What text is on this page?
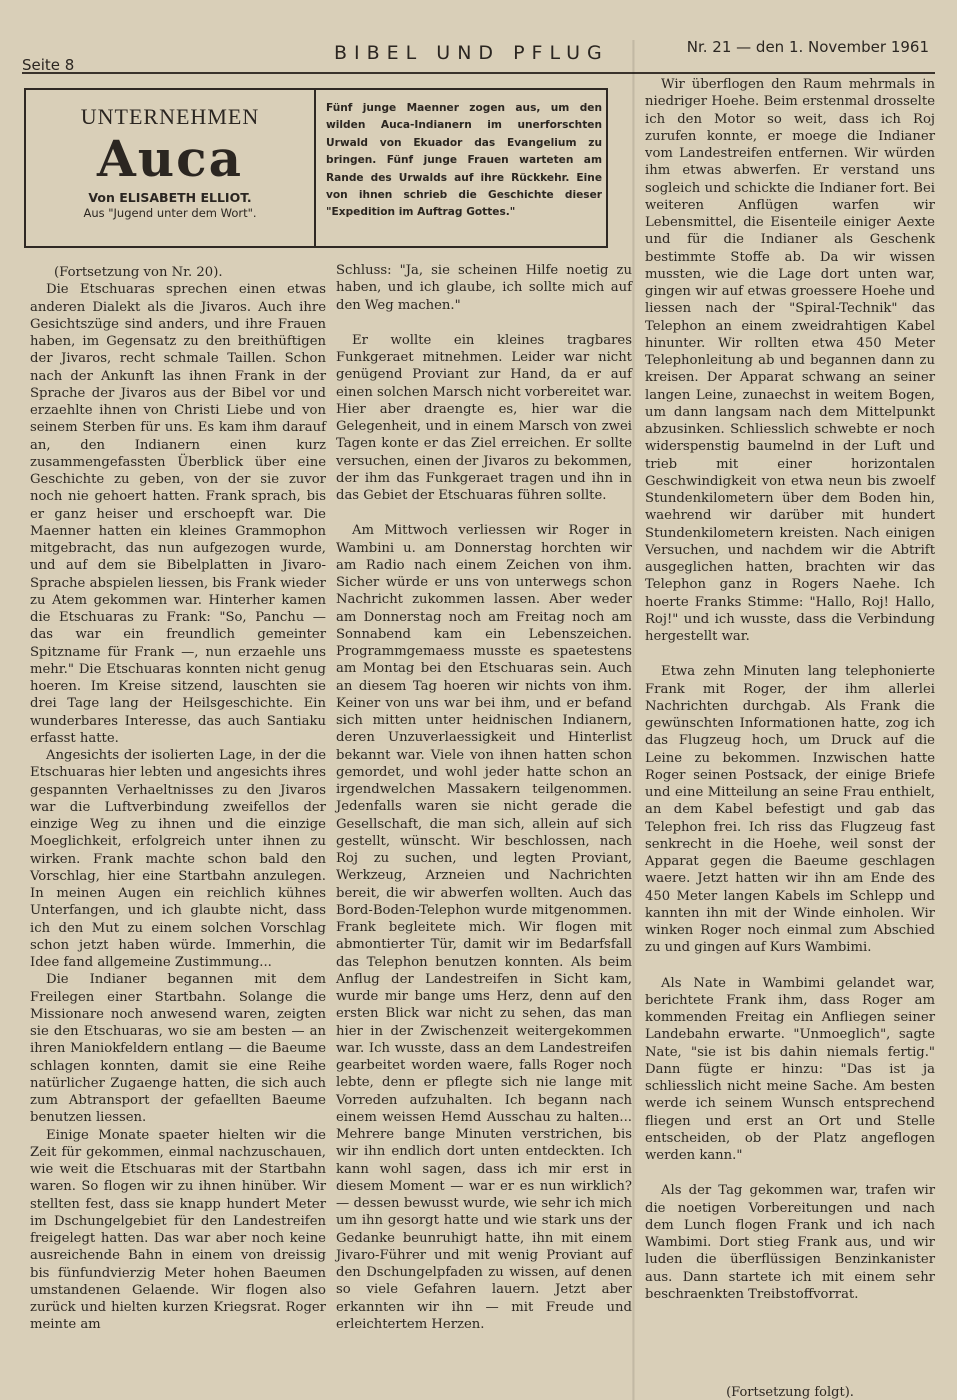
Seite 8
BIBEL UND PFLUG	Nr. 21 — den 1. November 1961
UNTERNEHMEN
Auca
Von ELISABETH ELLIOT.
Aus "Jugend unter dem Wort".
Fünf junge Maenner zogen aus, um den wilden Auca-Indianern im unerforschten Urwald von Ekuador das Evangelium zu bringen. Fünf junge Frauen warteten am Rande des Urwalds auf ihre Rückkehr. Eine von ihnen schrieb die Geschichte dieser "Expedition im Auftrag Gottes."

(Fortsetzung von Nr. 20).

Die Etschuaras sprechen einen etwas anderen Dialekt als die Jivaros. Auch ihre Gesichtszüge sind anders, und ihre Frauen haben, im Gegensatz zu den breithüftigen der Jivaros, recht schmale Taillen. Schon nach der Ankunft las ihnen Frank in der Sprache der Jivaros aus der Bibel vor und erzaehlte ihnen von Christi Liebe und von seinem Sterben für uns. Es kam ihm darauf an, den Indianern einen kurz zusammengefassten Überblick über eine Geschichte zu geben, von der sie zuvor noch nie gehoert hatten. Frank sprach, bis er ganz heiser und erschoepft war. Die Maenner hatten ein kleines Grammophon mitgebracht, das nun aufgezogen wurde, und auf dem sie Bibelplatten in Jivaro-Sprache abspielen liessen, bis Frank wieder zu Atem gekommen war. Hinterher kamen die Etschuaras zu Frank: "So, Panchu — das war ein freundlich gemeinter Spitzname für Frank —, nun erzaehle uns mehr." Die Etschuaras konnten nicht genug hoeren. Im Kreise sitzend, lauschten sie drei Tage lang der Heilsgeschichte. Ein wunderbares Interesse, das auch Santiaku erfasst hatte.

Angesichts der isolierten Lage, in der die Etschuaras hier lebten und angesichts ihres gespannten Verhaeltnisses zu den Jivaros war die Luftverbindung zweifellos der einzige Weg zu ihnen und die einzige Moeglichkeit, erfolgreich unter ihnen zu wirken. Frank machte schon bald den Vorschlag, hier eine Startbahn anzulegen. In meinen Augen ein reichlich kühnes Unterfangen, und ich glaubte nicht, dass ich den Mut zu einem solchen Vorschlag schon jetzt haben würde. Immerhin, die Idee fand allgemeine Zustimmung...

Die Indianer begannen mit dem Freilegen einer Startbahn. Solange die Missionare noch anwesend waren, zeigten sie den Etschuaras, wo sie am besten — an ihren Maniokfeldern entlang — die Baeume schlagen konnten, damit sie eine Reihe natürlicher Zugaenge hatten, die sich auch zum Abtransport der gefaellten Baeume benutzen liessen.

Einige Monate spaeter hielten wir die Zeit für gekommen, einmal nachzuschauen, wie weit die Etschuaras mit der Startbahn waren. So flogen wir zu ihnen hinüber. Wir stellten fest, dass sie knapp hundert Meter im Dschungelgebiet für den Landestreifen freigelegt hatten. Das war aber noch keine ausreichende Bahn in einem von dreissig bis fünfundvierzig Meter hohen Baeumen umstandenen Gelaende. Wir flogen also zurück und hielten kurzen Kriegsrat. Roger meinte am

Schluss: "Ja, sie scheinen Hilfe noetig zu haben, und ich glaube, ich sollte mich auf den Weg machen."

Er wollte ein kleines tragbares Funkgeraet mitnehmen. Leider war nicht genügend Proviant zur Hand, da er auf einen solchen Marsch nicht vorbereitet war. Hier aber draengte es, hier war die Gelegenheit, und in einem Marsch von zwei Tagen konte er das Ziel erreichen. Er sollte versuchen, einen der Jivaros zu bekommen, der ihm das Funkgeraet tragen und ihn in das Gebiet der Etschuaras führen sollte.

Am Mittwoch verliessen wir Roger in Wambini u. am Donnerstag horchten wir am Radio nach einem Zeichen von ihm. Sicher würde er uns von unterwegs schon Nachricht zukommen lassen. Aber weder am Donnerstag noch am Freitag noch am Sonnabend kam ein Lebenszeichen. Programmgemaess musste es spaetestens am Montag bei den Etschuaras sein. Auch an diesem Tag hoeren wir nichts von ihm. Keiner von uns war bei ihm, und er befand sich mitten unter heidnischen Indianern, deren Unzuverlaessigkeit und Hinterlist bekannt war. Viele von ihnen hatten schon gemordet, und wohl jeder hatte schon an irgendwelchen Massakern teilgenommen. Jedenfalls waren sie nicht gerade die Gesellschaft, die man sich, allein auf sich gestellt, wünscht. Wir beschlossen, nach Roj zu suchen, und legten Proviant, Werkzeug, Arzneien und Nachrichten bereit, die wir abwerfen wollten. Auch das Bord-Boden-Telephon wurde mitgenommen. Frank begleitete mich. Wir flogen mit abmontierter Tür, damit wir im Bedarfsfall das Telephon benutzen konnten. Als beim Anflug der Landestreifen in Sicht kam, wurde mir bange ums Herz, denn auf den ersten Blick war nicht zu sehen, das man hier in der Zwischenzeit weitergekommen war. Ich wusste, dass an dem Landestreifen gearbeitet worden waere, falls Roger noch lebte, denn er pflegte sich nie lange mit Vorreden aufzuhalten. Ich begann nach einem weissen Hemd Ausschau zu halten... Mehrere bange Minuten verstrichen, bis wir ihn endlich dort unten entdeckten. Ich kann wohl sagen, dass ich mir erst in diesem Moment — war er es nun wirklich? — dessen bewusst wurde, wie sehr ich mich um ihn gesorgt hatte und wie stark uns der Gedanke beunruhigt hatte, ihn mit einem Jivaro-Führer und mit wenig Proviant auf den Dschungelpfaden zu wissen, auf denen so viele Gefahren lauern. Jetzt aber erkannten wir ihn — mit Freude und erleichtertem Herzen.

Wir überflogen den Raum mehrmals in niedriger Hoehe. Beim erstenmal drosselte ich den Motor so weit, dass ich Roj zurufen konnte, er moege die Indianer vom Landestreifen entfernen. Wir würden ihm etwas abwerfen. Er verstand uns sogleich und schickte die Indianer fort. Bei weiteren Anflügen warfen wir Lebensmittel, die Eisenteile einiger Aexte und für die Indianer als Geschenk bestimmte Stoffe ab. Da wir wissen mussten, wie die Lage dort unten war, gingen wir auf etwas groessere Hoehe und liessen nach der "Spiral-Technik" das Telephon an einem zweidrahtigen Kabel hinunter. Wir rollten etwa 450 Meter Telephonleitung ab und begannen dann zu kreisen. Der Apparat schwang an seiner langen Leine, zunaechst in weitem Bogen, um dann langsam nach dem Mittelpunkt abzusinken. Schliesslich schwebte er noch widerspenstig baumelnd in der Luft und trieb mit einer horizontalen Geschwindigkeit von etwa neun bis zwoelf Stundenkilometern über dem Boden hin, waehrend wir darüber mit hundert Stundenkilometern kreisten. Nach einigen Versuchen, und nachdem wir die Abtrift ausgeglichen hatten, brachten wir das Telephon ganz in Rogers Naehe. Ich hoerte Franks Stimme: "Hallo, Roj! Hallo, Roj!" und ich wusste, dass die Verbindung hergestellt war.

Etwa zehn Minuten lang telephonierte Frank mit Roger, der ihm allerlei Nachrichten durchgab. Als Frank die gewünschten Informationen hatte, zog ich das Flugzeug hoch, um Druck auf die Leine zu bekommen. Inzwischen hatte Roger seinen Postsack, der einige Briefe und eine Mitteilung an seine Frau enthielt, an dem Kabel befestigt und gab das Telephon frei. Ich riss das Flugzeug fast senkrecht in die Hoehe, weil sonst der Apparat gegen die Baeume geschlagen waere. Jetzt hatten wir ihn am Ende des 450 Meter langen Kabels im Schlepp und kannten ihn mit der Winde einholen. Wir winken Roger noch einmal zum Abschied zu und gingen auf Kurs Wambimi.

Als Nate in Wambimi gelandet war, berichtete Frank ihm, dass Roger am kommenden Freitag ein Anfliegen seiner Landebahn erwarte. "Unmoeglich", sagte Nate, "sie ist bis dahin niemals fertig." Dann fügte er hinzu: "Das ist ja schliesslich nicht meine Sache. Am besten werde ich seinem Wunsch entsprechend fliegen und erst an Ort und Stelle entscheiden, ob der Platz angeflogen werden kann."

Als der Tag gekommen war, trafen wir die noetigen Vorbereitungen und nach dem Lunch flogen Frank und ich nach Wambimi. Dort stieg Frank aus, und wir luden die überflüssigen Benzinkanister aus. Dann startete ich mit einem sehr beschraenkten Treibstoffvorrat.

(Fortsetzung folgt).
